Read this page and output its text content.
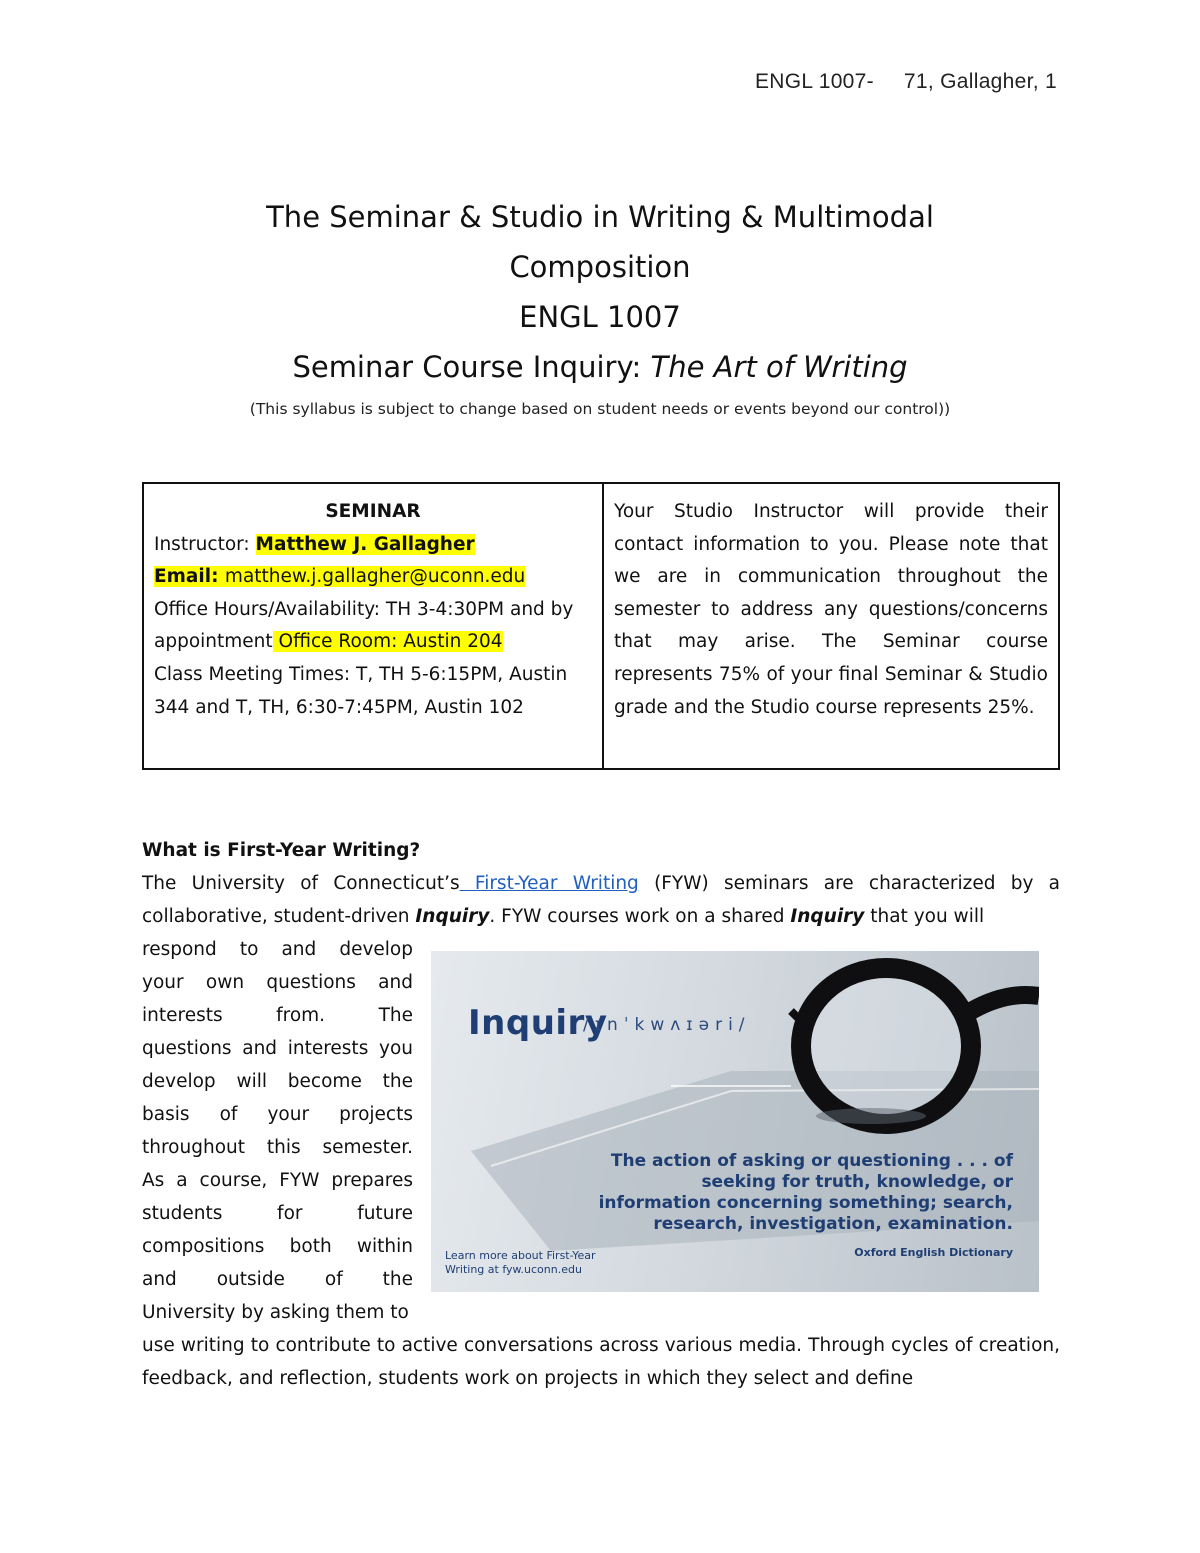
ENGL 1007- 71, Gallagher, 1
The Seminar & Studio in Writing & Multimodal
Composition
ENGL 1007
Seminar Course Inquiry: The Art of Writing
(This syllabus is subject to change based on student needs or events beyond our control))
SEMINAR
Instructor: Matthew J. Gallagher
Email: matthew.j.gallagher@uconn.edu
Office Hours/Availability: TH 3-4:30PM and by appointment Office Room: Austin 204
Class Meeting Times: T, TH 5-6:15PM, Austin 344 and T, TH, 6:30-7:45PM, Austin 102

Your Studio Instructor will provide their contact information to you. Please note that we are in communication throughout the semester to address any questions/concerns that may arise. The Seminar course represents 75% of your final Seminar & Studio grade and the Studio course represents 25%.
What is First-Year Writing?
The University of Connecticut’s First-Year Writing (FYW) seminars are characterized by a collaborative, student-driven Inquiry. FYW courses work on a shared Inquiry that you will
respond to and develop
your own questions and
interests from. The
questions and interests you
develop will become the
basis of your projects
throughout this semester.
As a course, FYW prepares
students for future
compositions both within
and outside of the
University by asking them to
Inquiry
/ɪnˈkwʌɪəri/
The action of asking or questioning . . . of seeking for truth, knowledge, or information concerning something; search, research, investigation, examination.
Oxford English Dictionary
Learn more about First-Year Writing at fyw.uconn.edu
use writing to contribute to active conversations across various media. Through cycles of creation, feedback, and reflection, students work on projects in which they select and define
